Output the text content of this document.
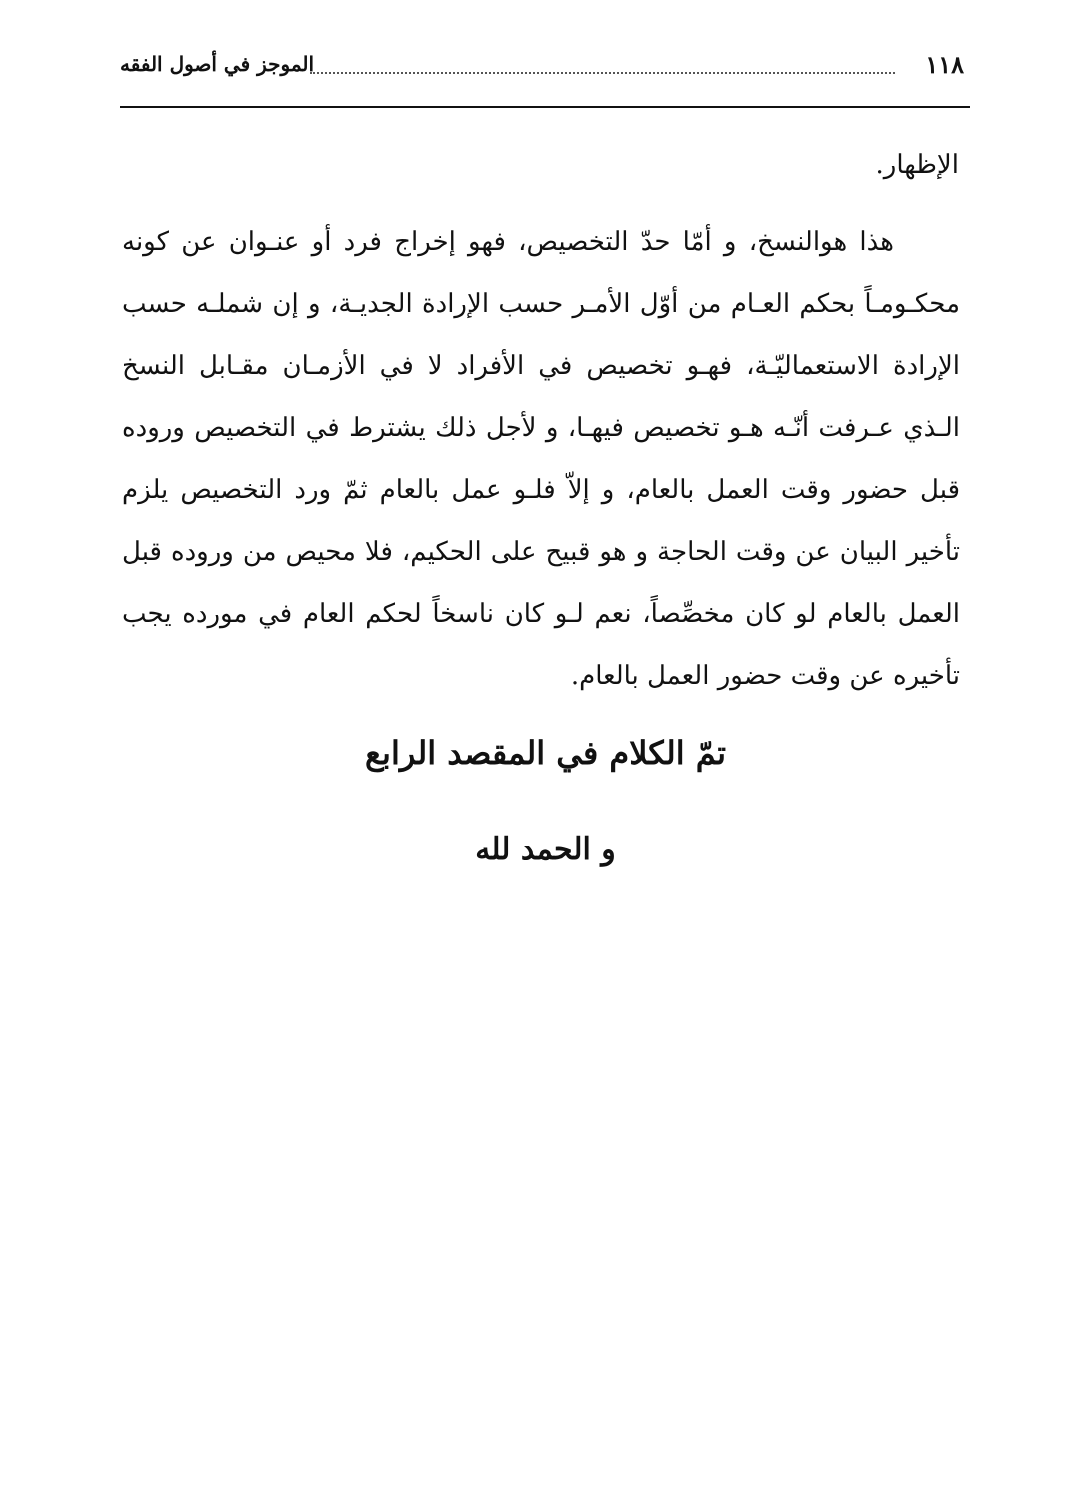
الموجز في أصول الفقه	١١٨
الإظهار.

هذا هوالنسخ، و أمّا حدّ التخصيص، فهو إخراج فرد أو عنـوان عن كونه محكـومـاً بحكم العـام من أوّل الأمـر حسب الإرادة الجديـة، و إن شملـه حسب الإرادة الاستعماليّـة، فهـو تخصيص في الأفراد لا في الأزمـان مقـابل النسخ الـذي عـرفت أنّـه هـو تخصيص فيهـا، و لأجل ذلك يشترط في التخصيص وروده قبل حضور وقت العمل بالعام، و إلاّ فلـو عمل بالعام ثمّ ورد التخصيص يلزم تأخير البيان عن وقت الحاجة و هو قبيح على الحكيم، فلا محيص من وروده قبل العمل بالعام لو كان مخصِّصاً، نعم لـو كان ناسخاً لحكم العام في مورده يجب تأخيره عن وقت حضور العمل بالعام.

تمّ الكلام في المقصد الرابع
و الحمد لله
